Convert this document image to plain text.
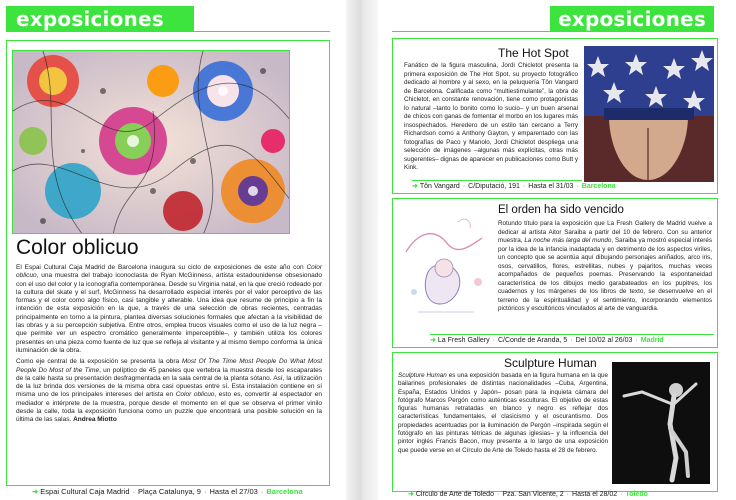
exposiciones
Color oblicuo

El Espai Cultural Caja Madrid de Barcelona inaugura su ciclo de exposiciones de este año con Color oblicuo, una muestra del trabajo iconoclasta de Ryan McGinness, artista estadounidense obsesionado con el uso del color y la iconografía contemporánea. Desde su Virginia natal, en la que creció rodeado por la cultura del skate y el surf, McGinness ha desarrollado especial interés por el valor perceptivo de las formas y el color como algo físico, casi tangible y alterable. Una idea que resume de principio a fin la intención de esta exposición en la que, a través de una selección de obras recientes, centradas principalmente en torno a la pintura, plantea diversas soluciones formales que afectan a la visibilidad de las obras y a su percepción subjetiva. Entre otros, emplea trucos visuales como el uso de la luz negra –que permite ver un espectro cromático generalmente imperceptible–, y también utiliza los colores presentes en una pieza como fuente de luz que se refleja al visitante y al mismo tiempo conforma la única iluminación de la obra.

Como eje central de la exposición se presenta la obra Most Of The Time Most People Do What Most People Do Most of the Time, un políptico de 45 paneles que vertebra la muestra desde los escaparates de la calle hasta su presentación desfragmentada en la sala central de la planta sótano. Así, la utilización de la luz brinda dos versiones de la misma obra casi opuestas entre sí. Esta instalación contiene en sí misma uno de los principales intereses del artista en Color oblicuo, esto es, convertir al espectador en mediador e intérprete de la muestra, porque desde el momento en el que se observa el primer vinilo desde la calle, toda la exposición funciona como un puzzle que encontrará una posible solución en la última de las salas. Andrea Miotto

➜ Espai Cultural Caja Madrid · Plaça Catalunya, 9 · Hasta el 27/03 · Barcelona
exposiciones
The Hot Spot
Fanático de la figura masculina, Jordi Chicletot presenta la primera exposición de The Hot Spot, su proyecto fotográfico dedicado al hombre y al sexo, en la peluquería Tôn Vangard de Barcelona. Calificada como “multiestimulante”, la obra de Chicletot, en constante renovación, tiene como protagonistas lo natural –tanto lo bonito como lo sucio– y un buen arsenal de chicos con ganas de fomentar el morbo en los lugares más insospechados. Heredero de un estilo tan cercano a Terry Richardson como a Anthony Gayton, y emparentado con las fotografías de Paco y Manolo, Jordi Chicletot despliega una selección de imágenes –algunas más explícitas, otras más sugerentes– dignas de aparecer en publicaciones como Butt y Kink.
➜ Tôn Vangard · C/Diputació, 191 · Hasta el 31/03 · Barcelona
El orden ha sido vencido
Rotundo título para la exposición que La Fresh Gallery de Madrid vuelve a dedicar al artista Aitor Saraiba a partir del 10 de febrero. Con su anterior muestra, La noche más larga del mundo, Saraiba ya mostró especial interés por la idea de la infancia inadaptada y en detrimento de los aspectos viriles, un concepto que se acentúa aquí dibujando personajes aniñados, arco iris, osos, cervatillos, flores, estrellitas, nubes y pajaritos, muchas veces acompañados de pequeños poemas. Preservando la espontaneidad característica de los dibujos medio garabateados en los pupitres, los cuadernos y los márgenes de los libros de texto, se desenvuelve en el terreno de la espiritualidad y el sentimiento, incorporando elementos pictóricos y escultóricos vinculados al arte de vanguardia.
➜ La Fresh Gallery · C/Conde de Aranda, 5 · Del 10/02 al 26/03 · Madrid
Sculpture Human
Sculpture Human es una exposición basada en la figura humana en la que bailarines profesionales de distintas nacionalidades –Cuba, Argentina, España, Estados Unidos y Japón– posan para la inquieta cámara del fotógrafo Marcos Pergón como auténticas esculturas. El objetivo de estas figuras humanas retratadas en blanco y negro es reflejar dos características fundamentales, el clasicismo y el oscurantismo. Dos propiedades acentuadas por la iluminación de Pergón –inspirada según el fotógrafo en las pinturas tétricas de algunas iglesias– y la influencia del pintor inglés Francis Bacon, muy presente a lo largo de una exposición que puede verse en el Círculo de Arte de Toledo hasta el 28 de febrero.
➜ Circulo de Arte de Toledo · Pza. San Vicente, 2 · Hasta el 28/02 · Toledo
